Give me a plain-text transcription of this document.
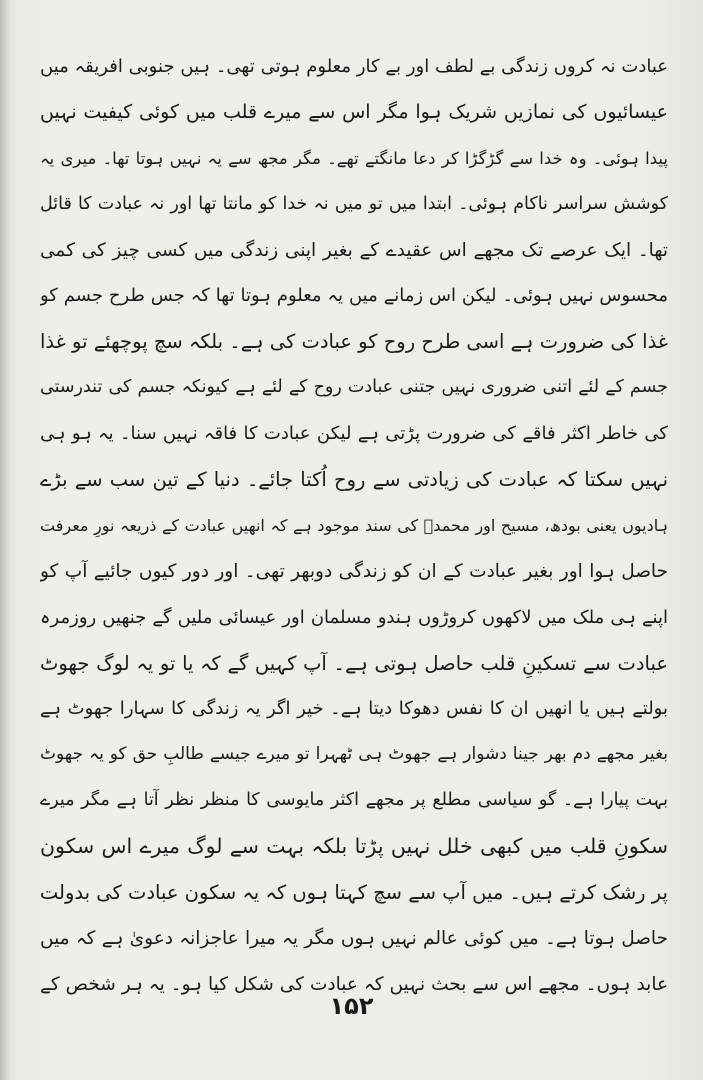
عبادت نہ کروں زندگی بے لطف اور بے کار معلوم ہوتی تھی۔ ہیں جنوبی افریقہ میں
عیسائیوں کی نمازیں شریک ہوا مگر اس سے میرے قلب میں کوئی کیفیت نہیں
پیدا ہوئی۔ وہ خدا سے گڑگڑا کر دعا مانگتے تھے۔ مگر مجھ سے یہ نہیں ہوتا تھا۔ میری یہ
کوشش سراسر ناکام ہوئی۔ ابتدا میں تو میں نہ خدا کو مانتا تھا اور نہ عبادت کا قائل
تھا۔ ایک عرصے تک مجھے اس عقیدے کے بغیر اپنی زندگی میں کسی چیز کی کمی
محسوس نہیں ہوئی۔ لیکن اس زمانے میں یہ معلوم ہوتا تھا کہ جس طرح جسم کو
غذا کی ضرورت ہے اسی طرح روح کو عبادت کی ہے۔ بلکہ سچ پوچھئے تو غذا
جسم کے لئے اتنی ضروری نہیں جتنی عبادت روح کے لئے ہے کیونکہ جسم کی تندرستی
کی خاطر اکثر فاقے کی ضرورت پڑتی ہے لیکن عبادت کا فاقہ نہیں سنا۔ یہ ہو ہی
نہیں سکتا کہ عبادت کی زیادتی سے روح اُکتا جائے۔ دنیا کے تین سب سے بڑے
ہادیوں یعنی بودھ، مسیح اور محمدؐ کی سند موجود ہے کہ انھیں عبادت کے ذریعہ نورِ معرفت
حاصل ہوا اور بغیر عبادت کے ان کو زندگی دوبھر تھی۔ اور دور کیوں جائیے آپ کو
اپنے ہی ملک میں لاکھوں کروڑوں ہندو مسلمان اور عیسائی ملیں گے جنھیں روزمرہ
عبادت سے تسکینِ قلب حاصل ہوتی ہے۔ آپ کہیں گے کہ یا تو یہ لوگ جھوٹ
بولتے ہیں یا انھیں ان کا نفس دھوکا دیتا ہے۔ خیر اگر یہ زندگی کا سہارا جھوٹ ہے
بغیر مجھے دم بھر جینا دشوار ہے جھوٹ ہی ٹھہرا تو میرے جیسے طالبِ حق کو یہ جھوٹ
بہت پیارا ہے۔ گو سیاسی مطلع پر مجھے اکثر مایوسی کا منظر نظر آتا ہے مگر میرے
سکونِ قلب میں کبھی خلل نہیں پڑتا بلکہ بہت سے لوگ میرے اس سکون
پر رشک کرتے ہیں۔ میں آپ سے سچ کہتا ہوں کہ یہ سکون عبادت کی بدولت
حاصل ہوتا ہے۔ میں کوئی عالم نہیں ہوں مگر یہ میرا عاجزانہ دعویٰ ہے کہ میں
عابد ہوں۔ مجھے اس سے بحث نہیں کہ عبادت کی شکل کیا ہو۔ یہ ہر شخص کے
۱۵۲
